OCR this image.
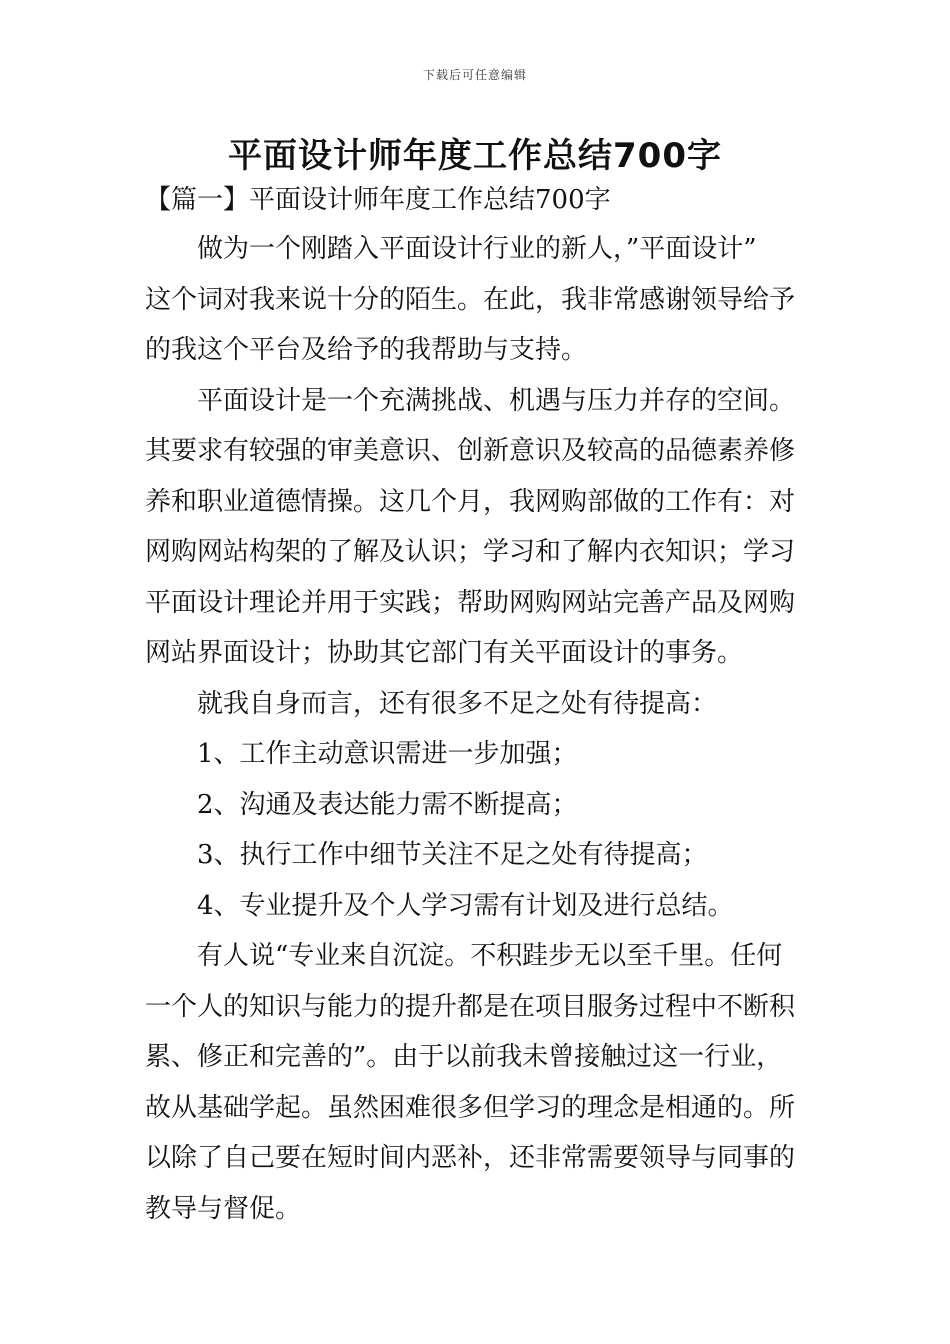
下载后可任意编辑
平面设计师年度工作总结700字
【篇一】平面设计师年度工作总结700字
做为一个刚踏入平面设计行业的新人，”平面设计”
这个词对我来说十分的陌生。在此，我非常感谢领导给予
的我这个平台及给予的我帮助与支持。
平面设计是一个充满挑战、机遇与压力并存的空间。
其要求有较强的审美意识、创新意识及较高的品德素养修
养和职业道德情操。这几个月，我网购部做的工作有：对
网购网站构架的了解及认识；学习和了解内衣知识；学习
平面设计理论并用于实践；帮助网购网站完善产品及网购
网站界面设计；协助其它部门有关平面设计的事务。
就我自身而言，还有很多不足之处有待提高：
1、工作主动意识需进一步加强；
2、沟通及表达能力需不断提高；
3、执行工作中细节关注不足之处有待提高；
4、专业提升及个人学习需有计划及进行总结。
有人说“专业来自沉淀。不积跬步无以至千里。任何
一个人的知识与能力的提升都是在项目服务过程中不断积
累、修正和完善的”。由于以前我未曾接触过这一行业，
故从基础学起。虽然困难很多但学习的理念是相通的。所
以除了自己要在短时间内恶补，还非常需要领导与同事的
教导与督促。
